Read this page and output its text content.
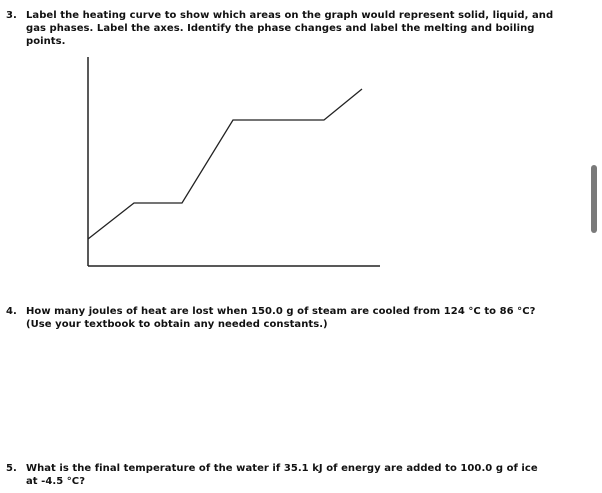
3. Label the heating curve to show which areas on the graph would represent solid, liquid, and
gas phases. Label the axes. Identify the phase changes and label the melting and boiling
points.
4. How many joules of heat are lost when 150.0 g of steam are cooled from 124 °C to 86 °C?
(Use your textbook to obtain any needed constants.)
5. What is the final temperature of the water if 35.1 kJ of energy are added to 100.0 g of ice
at -4.5 °C?
